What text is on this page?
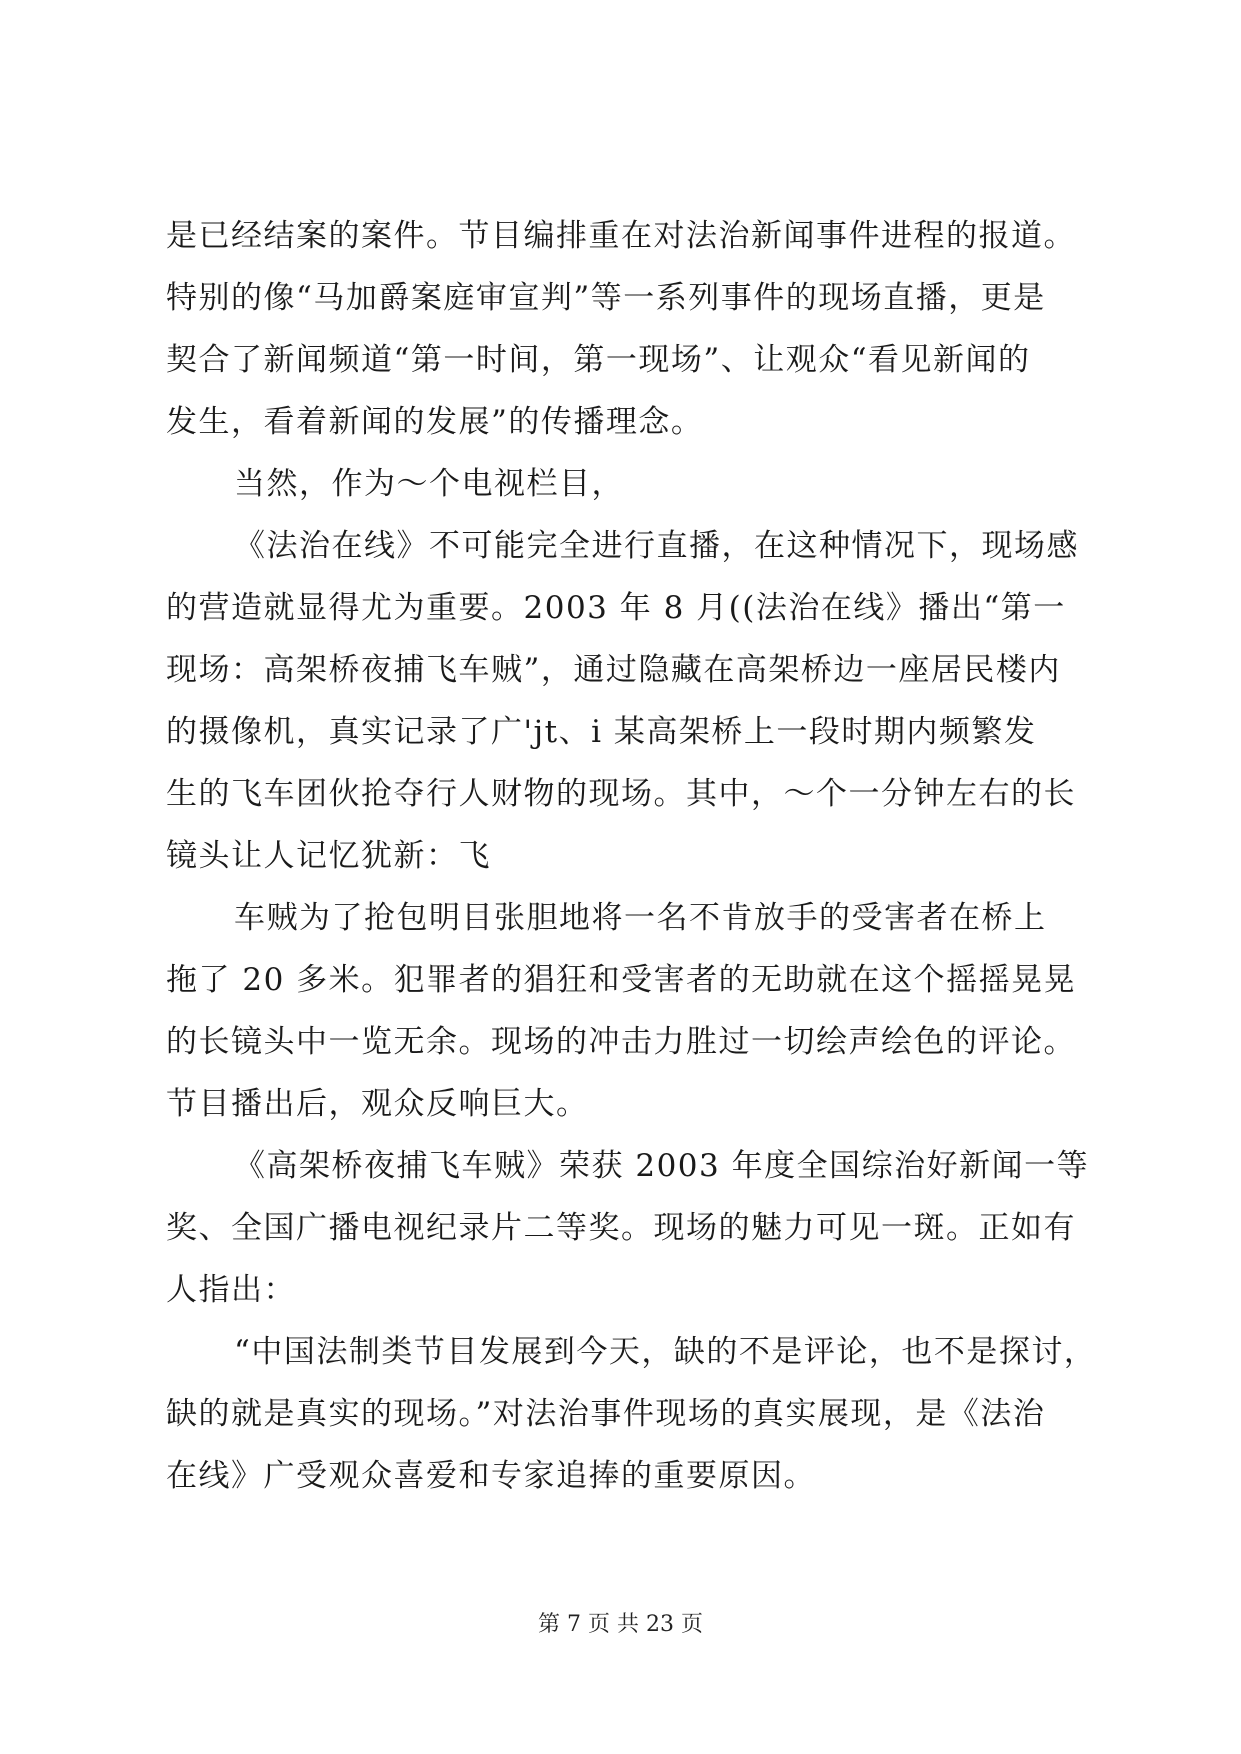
是已经结案的案件。节目编排重在对法治新闻事件进程的报道。
特别的像“马加爵案庭审宣判”等一系列事件的现场直播，更是
契合了新闻频道“第一时间，第一现场”、让观众“看见新闻的
发生，看着新闻的发展”的传播理念。
当然，作为～个电视栏目，
《法治在线》不可能完全进行直播，在这种情况下，现场感
的营造就显得尤为重要。2003 年 8 月((法治在线》播出“第一
现场：高架桥夜捕飞车贼”，通过隐藏在高架桥边一座居民楼内
的摄像机，真实记录了广'jt、i 某高架桥上一段时期内频繁发
生的飞车团伙抢夺行人财物的现场。其中，～个一分钟左右的长
镜头让人记忆犹新：飞
车贼为了抢包明目张胆地将一名不肯放手的受害者在桥上
拖了 20 多米。犯罪者的猖狂和受害者的无助就在这个摇摇晃晃
的长镜头中一览无余。现场的冲击力胜过一切绘声绘色的评论。
节目播出后，观众反响巨大。
《高架桥夜捕飞车贼》荣获 2003 年度全国综治好新闻一等
奖、全国广播电视纪录片二等奖。现场的魅力可见一斑。正如有
人指出：
“中国法制类节目发展到今天，缺的不是评论，也不是探讨，
缺的就是真实的现场。”对法治事件现场的真实展现，是《法治
在线》广受观众喜爱和专家追捧的重要原因。
第 7 页 共 23 页
